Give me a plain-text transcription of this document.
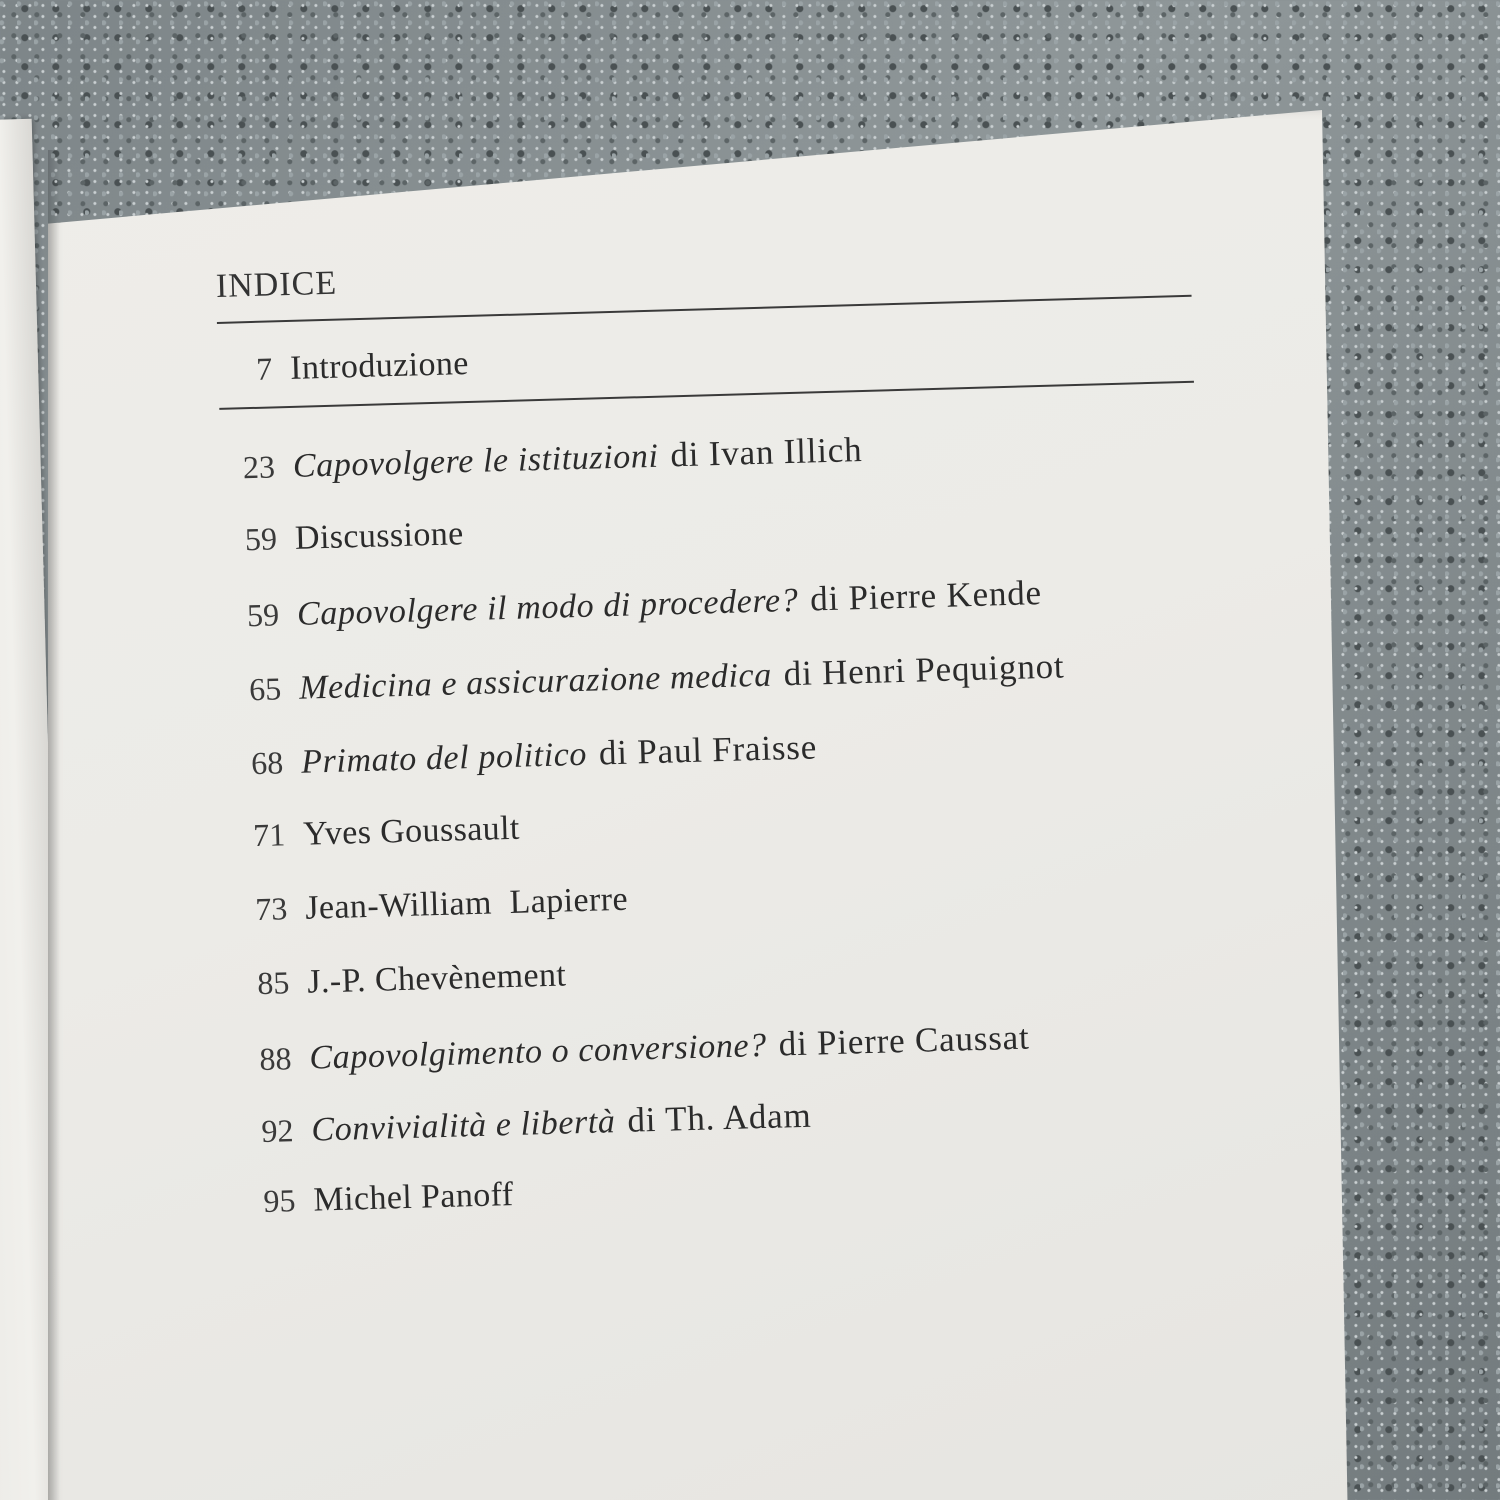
INDICE
7 Introduzione
23 Capovolgere le istituzioni di Ivan Illich
59 Discussione
59 Capovolgere il modo di procedere? di Pierre Kende
65 Medicina e assicurazione medica di Henri Pequignot
68 Primato del politico di Paul Fraisse
71 Yves Goussault
73 Jean-William  Lapierre
85 J.-P. Chevènement
88 Capovolgimento o conversione? di Pierre Caussat
92 Convivialità e libertà di Th. Adam
95 Michel Panoff
